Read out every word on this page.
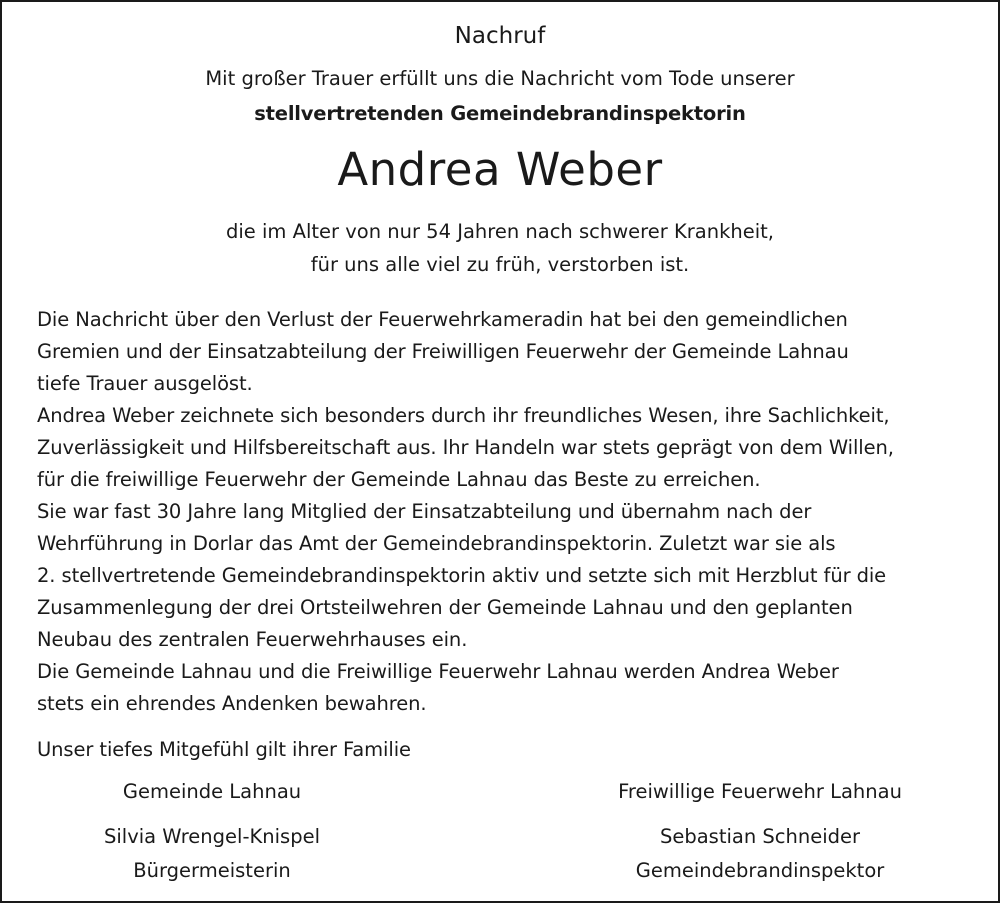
Nachruf
Mit großer Trauer erfüllt uns die Nachricht vom Tode unserer
stellvertretenden Gemeindebrandinspektorin
Andrea Weber
die im Alter von nur 54 Jahren nach schwerer Krankheit,
für uns alle viel zu früh, verstorben ist.

Die Nachricht über den Verlust der Feuerwehrkameradin hat bei den gemeindlichen

Gremien und der Einsatzabteilung der Freiwilligen Feuerwehr der Gemeinde Lahnau

tiefe Trauer ausgelöst.

Andrea Weber zeichnete sich besonders durch ihr freundliches Wesen, ihre Sachlichkeit,

Zuverlässigkeit und Hilfsbereitschaft aus. Ihr Handeln war stets geprägt von dem Willen,

für die freiwillige Feuerwehr der Gemeinde Lahnau das Beste zu erreichen.

Sie war fast 30 Jahre lang Mitglied der Einsatzabteilung und übernahm nach der

Wehrführung in Dorlar das Amt der Gemeindebrandinspektorin. Zuletzt war sie als

2. stellvertretende Gemeindebrandinspektorin aktiv und setzte sich mit Herzblut für die

Zusammenlegung der drei Ortsteilwehren der Gemeinde Lahnau und den geplanten

Neubau des zentralen Feuerwehrhauses ein.

Die Gemeinde Lahnau und die Freiwillige Feuerwehr Lahnau werden Andrea Weber

stets ein ehrendes Andenken bewahren.

Unser tiefes Mitgefühl gilt ihrer Familie

Gemeinde Lahnau
Silvia Wrengel-Knispel
Bürgermeisterin
Freiwillige Feuerwehr Lahnau
Sebastian Schneider
Gemeindebrandinspektor
